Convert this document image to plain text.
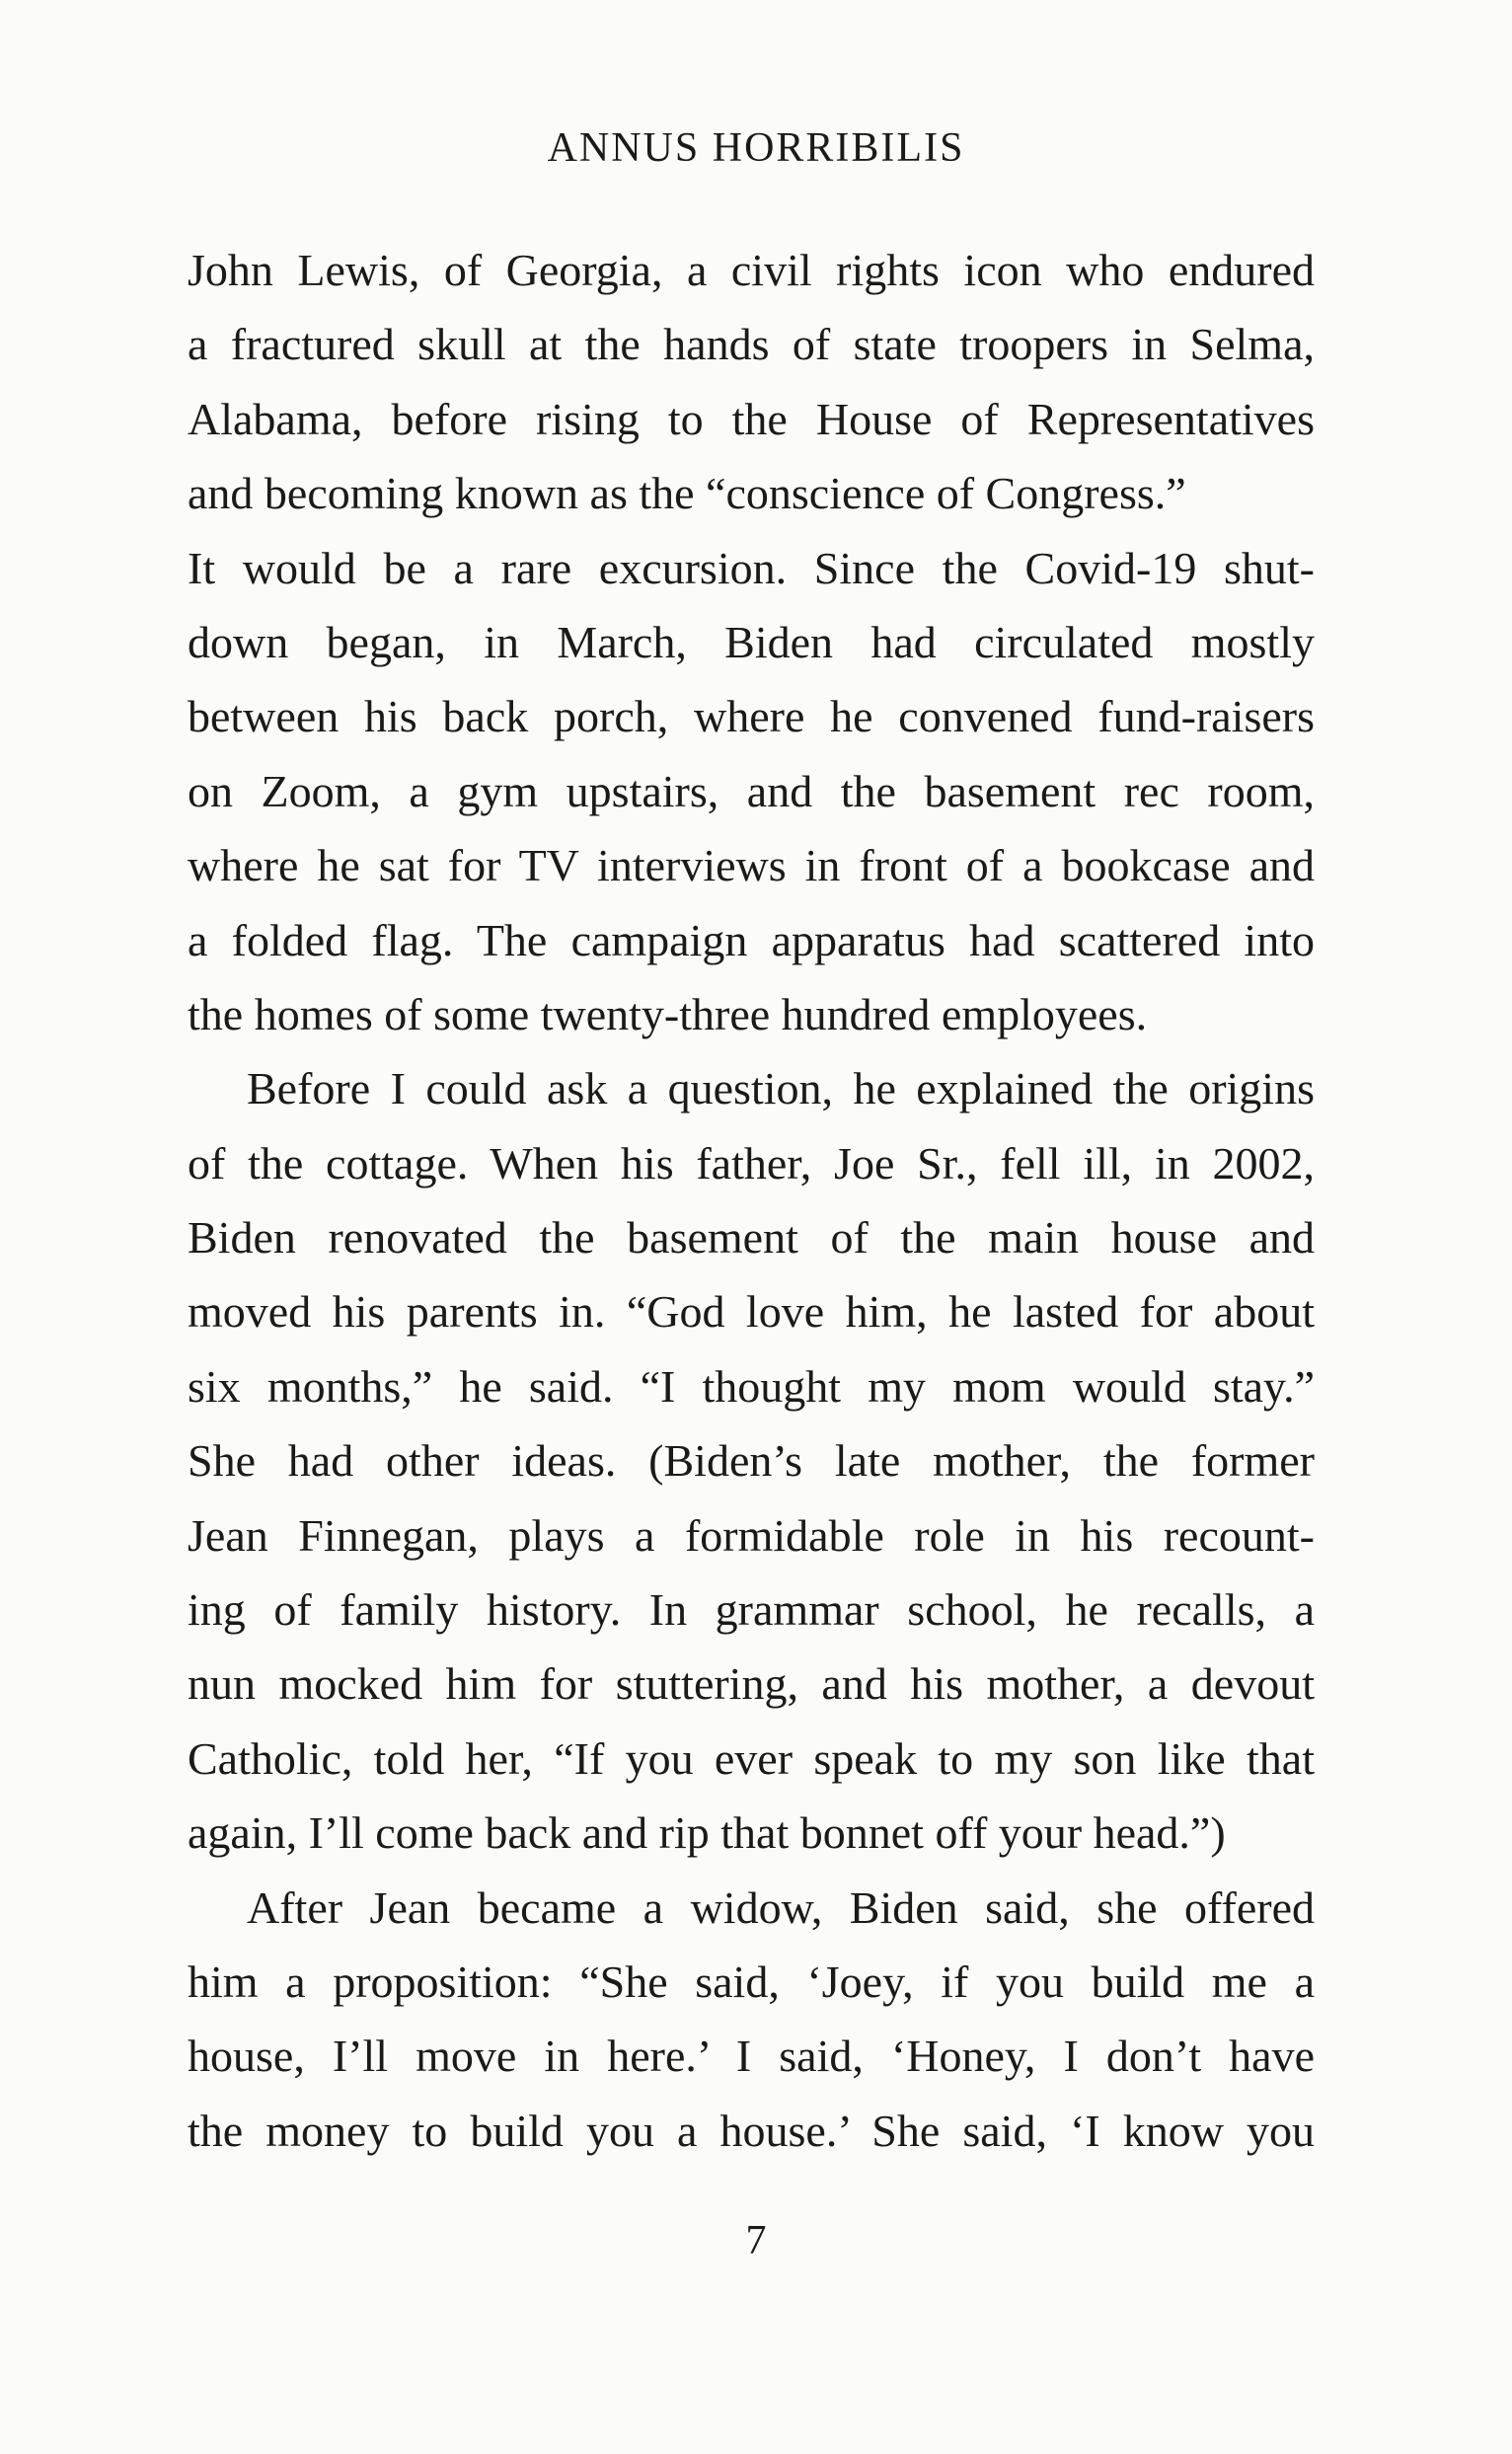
ANNUS HORRIBILIS
John Lewis, of Georgia, a civil rights icon who endured
a fractured skull at the hands of state troopers in Selma,
Alabama, before rising to the House of Representatives
and becoming known as the “conscience of Congress.”
It would be a rare excursion. Since the Covid-19 shut-
down began, in March, Biden had circulated mostly
between his back porch, where he convened fund-raisers
on Zoom, a gym upstairs, and the basement rec room,
where he sat for TV interviews in front of a bookcase and
a folded flag. The campaign apparatus had scattered into
the homes of some twenty-three hundred employees.
Before I could ask a question, he explained the origins
of the cottage. When his father, Joe Sr., fell ill, in 2002,
Biden renovated the basement of the main house and
moved his parents in. “God love him, he lasted for about
six months,” he said. “I thought my mom would stay.”
She had other ideas. (Biden’s late mother, the former
Jean Finnegan, plays a formidable role in his recount-
ing of family history. In grammar school, he recalls, a
nun mocked him for stuttering, and his mother, a devout
Catholic, told her, “If you ever speak to my son like that
again, I’ll come back and rip that bonnet off your head.”)
After Jean became a widow, Biden said, she offered
him a proposition: “She said, ‘Joey, if you build me a
house, I’ll move in here.’ I said, ‘Honey, I don’t have
the money to build you a house.’ She said, ‘I know you
7
